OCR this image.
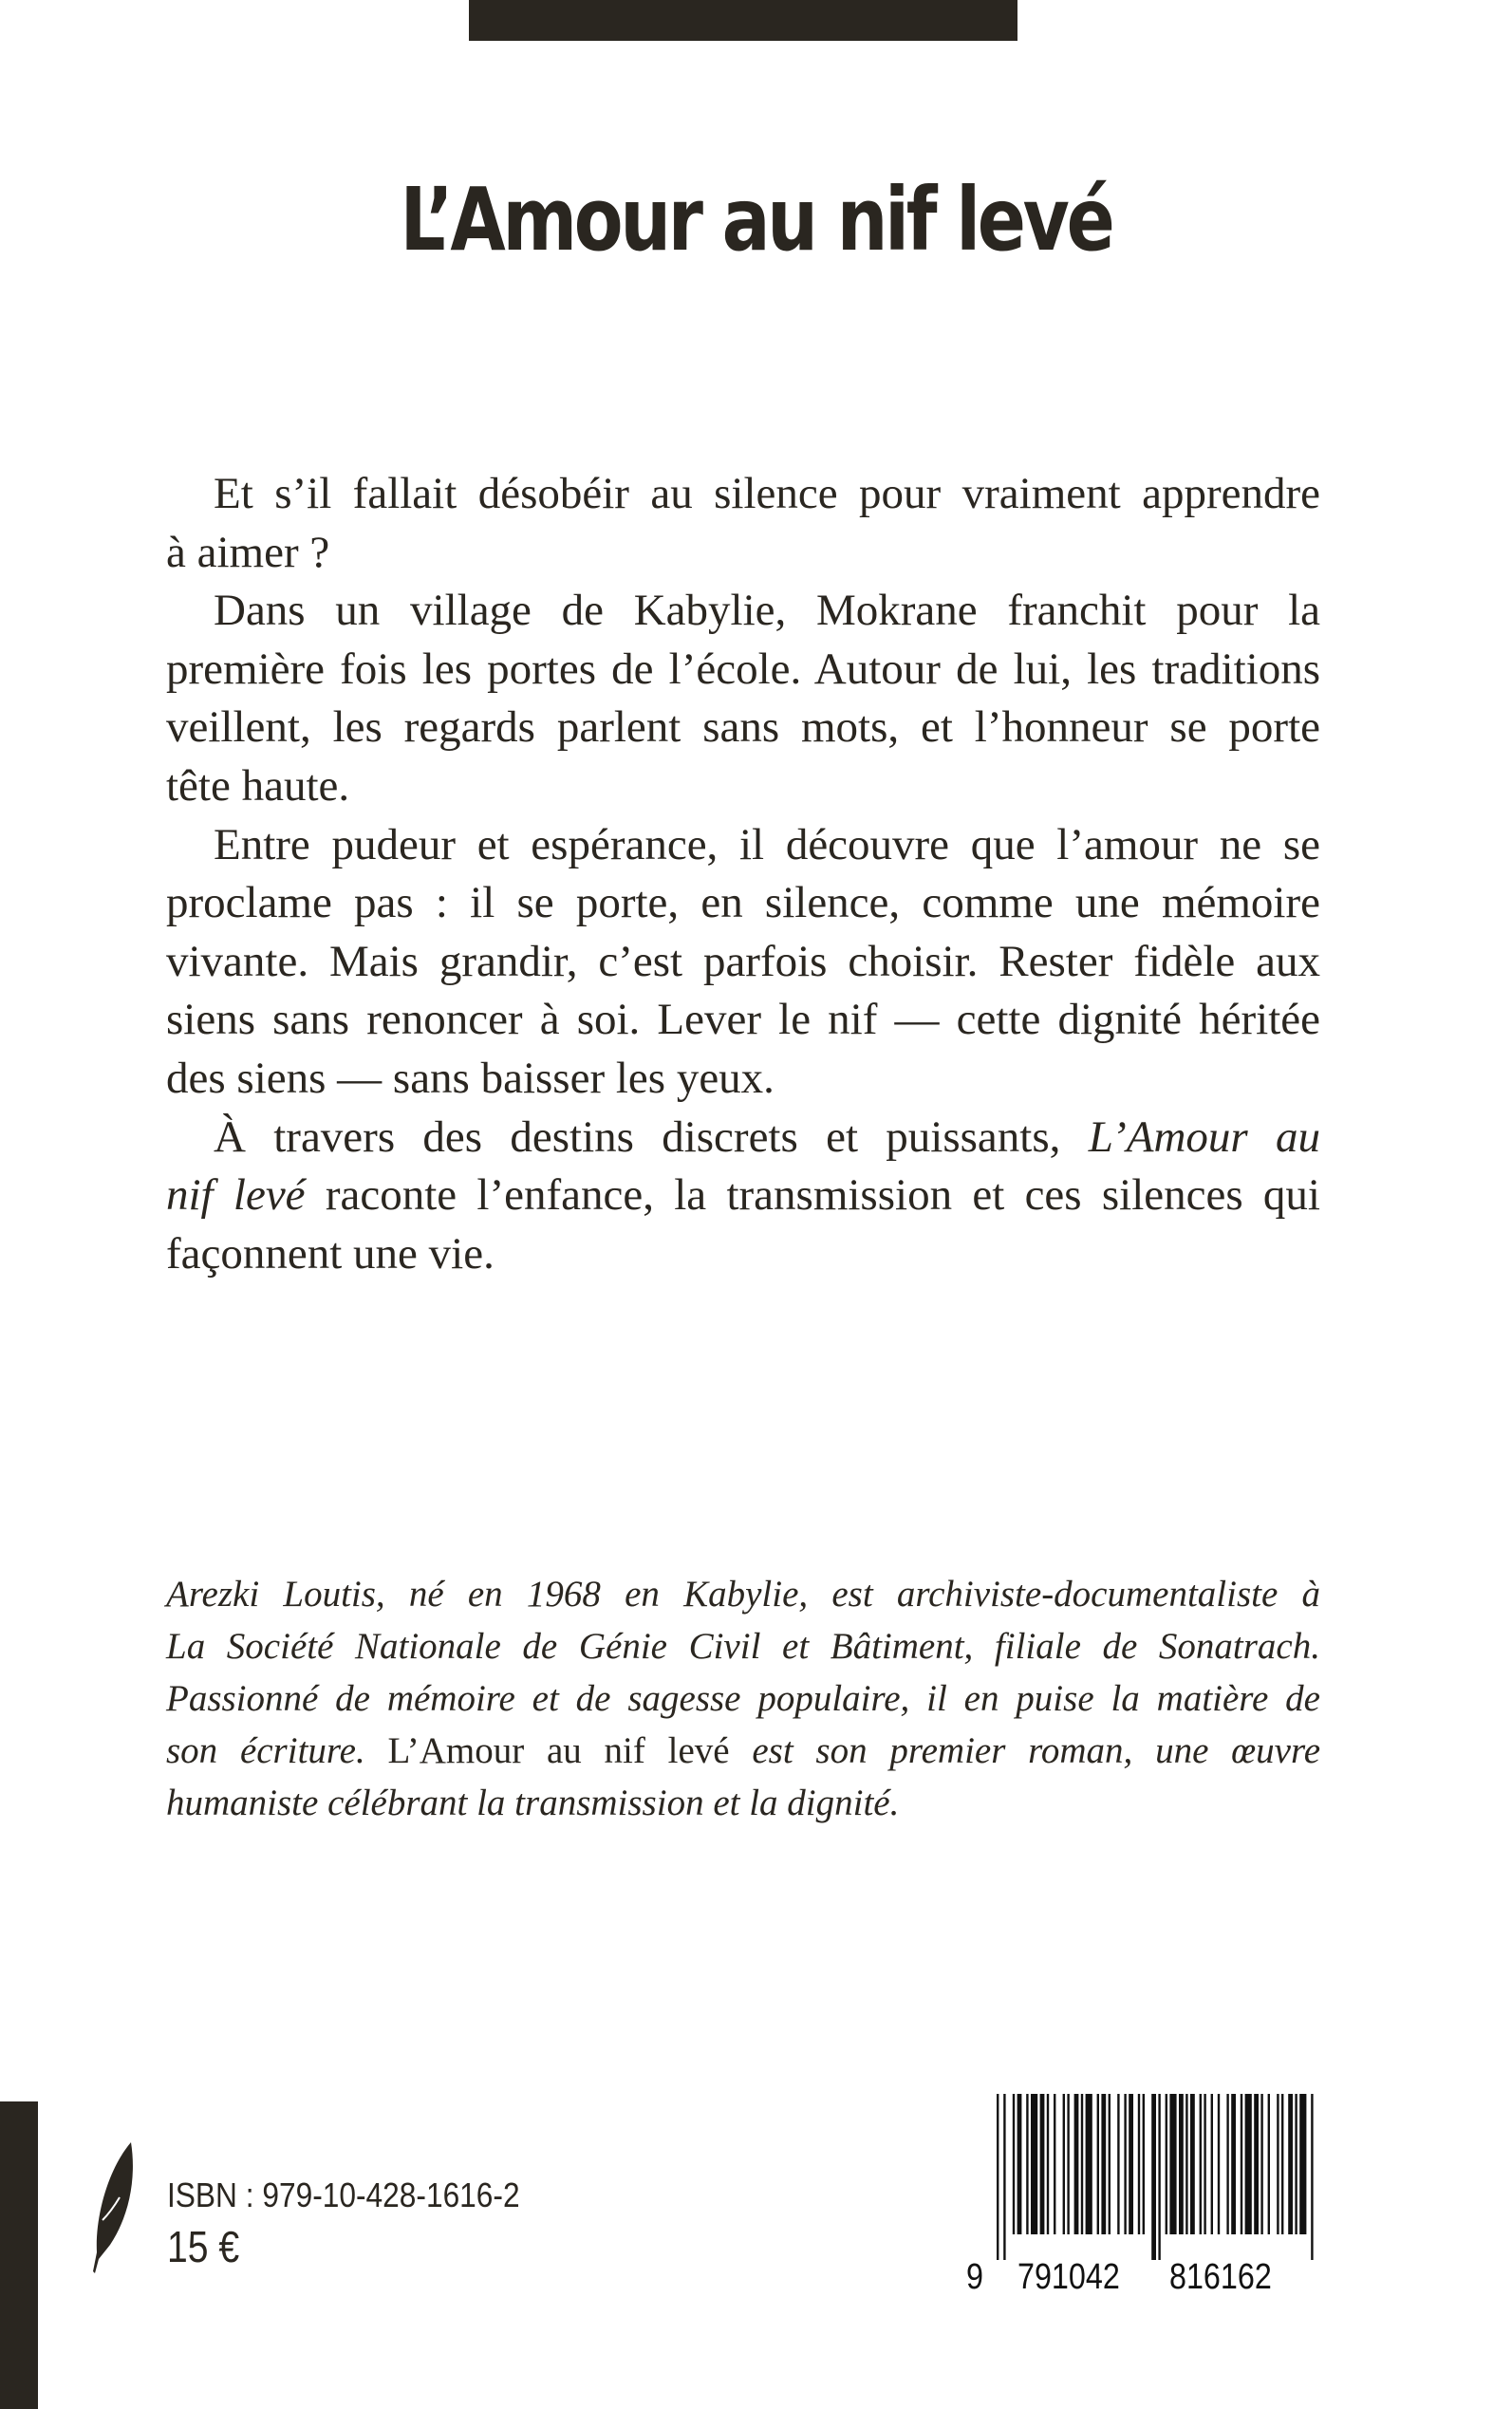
L’Amour au nif levé
Et s’il fallait désobéir au silence pour vraiment apprendre
à aimer ?
Dans un village de Kabylie, Mokrane franchit pour la
première fois les portes de l’école. Autour de lui, les traditions
veillent, les regards parlent sans mots, et l’honneur se porte
tête haute.
Entre pudeur et espérance, il découvre que l’amour ne se
proclame pas : il se porte, en silence, comme une mémoire
vivante. Mais grandir, c’est parfois choisir. Rester fidèle aux
siens sans renoncer à soi. Lever le nif — cette dignité héritée
des siens — sans baisser les yeux.
À travers des destins discrets et puissants, L’Amour au
nif levé raconte l’enfance, la transmission et ces silences qui
façonnent une vie.
Arezki Loutis, né en 1968 en Kabylie, est archiviste-documentaliste à
La Société Nationale de Génie Civil et Bâtiment, filiale de Sonatrach.
Passionné de mémoire et de sagesse populaire, il en puise la matière de
son écriture. L’Amour au nif levé est son premier roman, une œuvre
humaniste célébrant la transmission et la dignité.
ISBN : 979-10-428-1616-2
15 €
9 791042 816162
